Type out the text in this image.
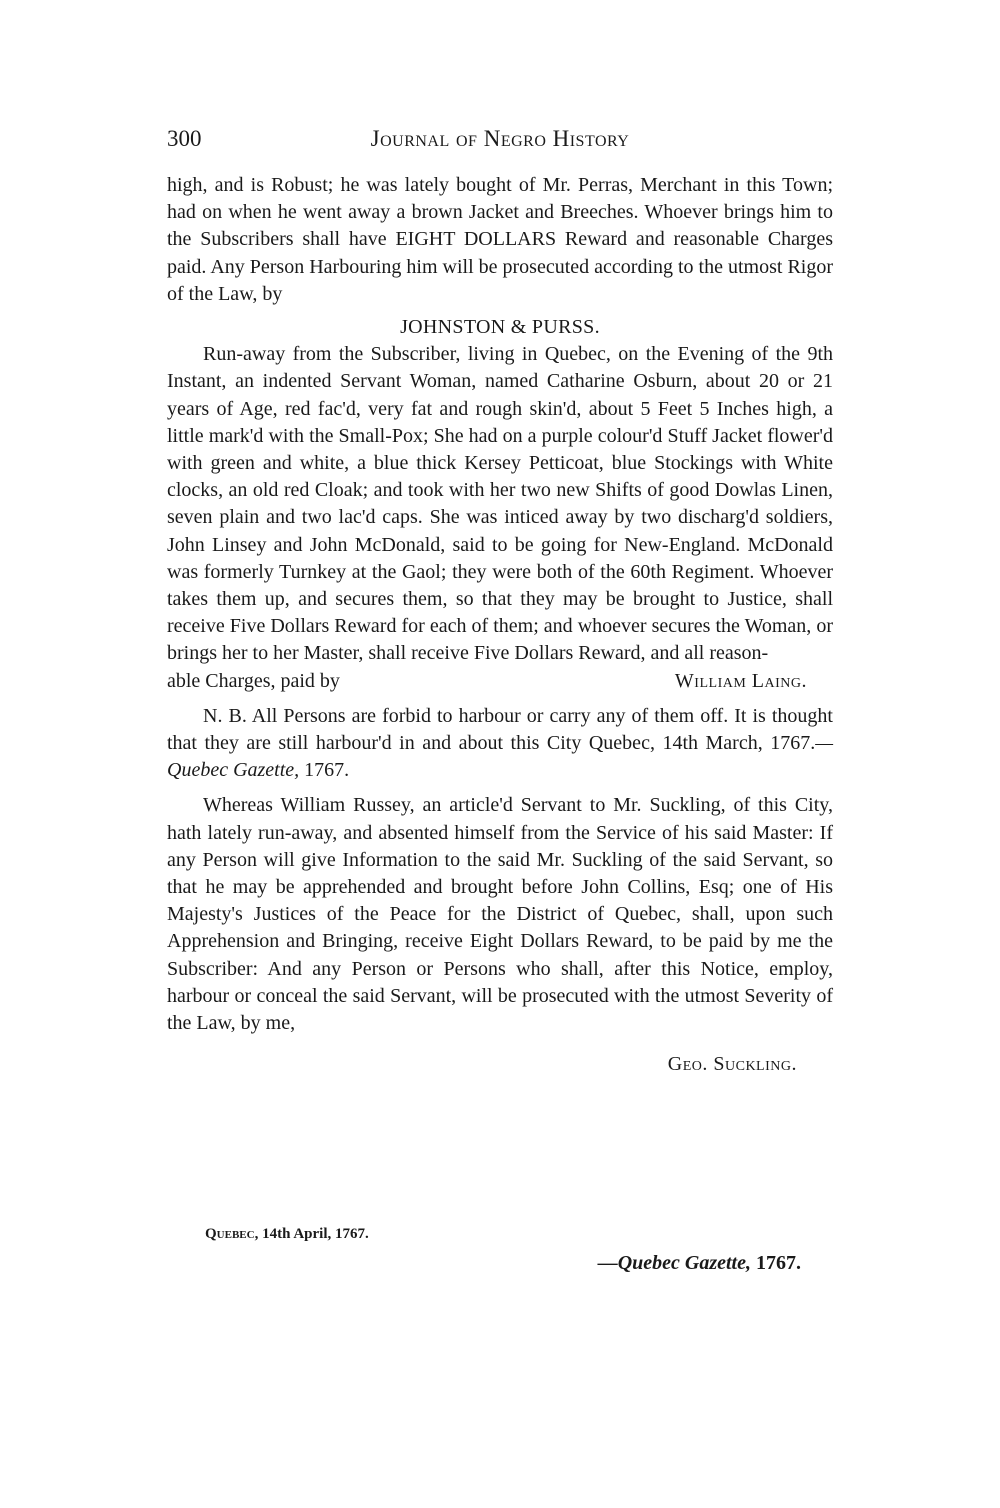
300	Journal of Negro History

high, and is Robust; he was lately bought of Mr. Perras, Merchant in this Town; had on when he went away a brown Jacket and Breeches. Whoever brings him to the Subscribers shall have EIGHT DOLLARS Reward and reasonable Charges paid. Any Person Harbouring him will be prosecuted according to the utmost Rigor of the Law, by

JOHNSTON & PURSS.

Run-away from the Subscriber, living in Quebec, on the Evening of the 9th Instant, an indented Servant Woman, named Catharine Osburn, about 20 or 21 years of Age, red fac'd, very fat and rough skin'd, about 5 Feet 5 Inches high, a little mark'd with the Small-Pox; She had on a purple colour'd Stuff Jacket flower'd with green and white, a blue thick Kersey Petticoat, blue Stockings with White clocks, an old red Cloak; and took with her two new Shifts of good Dowlas Linen, seven plain and two lac'd caps. She was inticed away by two discharg'd soldiers, John Linsey and John McDonald, said to be going for New-England. McDonald was formerly Turnkey at the Gaol; they were both of the 60th Regiment. Whoever takes them up, and secures them, so that they may be brought to Justice, shall receive Five Dollars Reward for each of them; and whoever secures the Woman, or brings her to her Master, shall receive Five Dollars Reward, and all reason-

able Charges, paid by	William Laing.

N. B. All Persons are forbid to harbour or carry any of them off. It is thought that they are still harbour'd in and about this City Quebec, 14th March, 1767.—Quebec Gazette, 1767.

Whereas William Russey, an article'd Servant to Mr. Suckling, of this City, hath lately run-away, and absented himself from the Service of his said Master: If any Person will give Information to the said Mr. Suckling of the said Servant, so that he may be apprehended and brought before John Collins, Esq; one of His Majesty's Justices of the Peace for the District of Quebec, shall, upon such Apprehension and Bringing, receive Eight Dollars Reward, to be paid by me the Subscriber: And any Person or Persons who shall, after this Notice, employ, harbour or conceal the said Servant, will be prosecuted with the utmost Severity of the Law, by me,

Geo. Suckling.
Quebec, 14th April, 1767.
—Quebec Gazette, 1767.
